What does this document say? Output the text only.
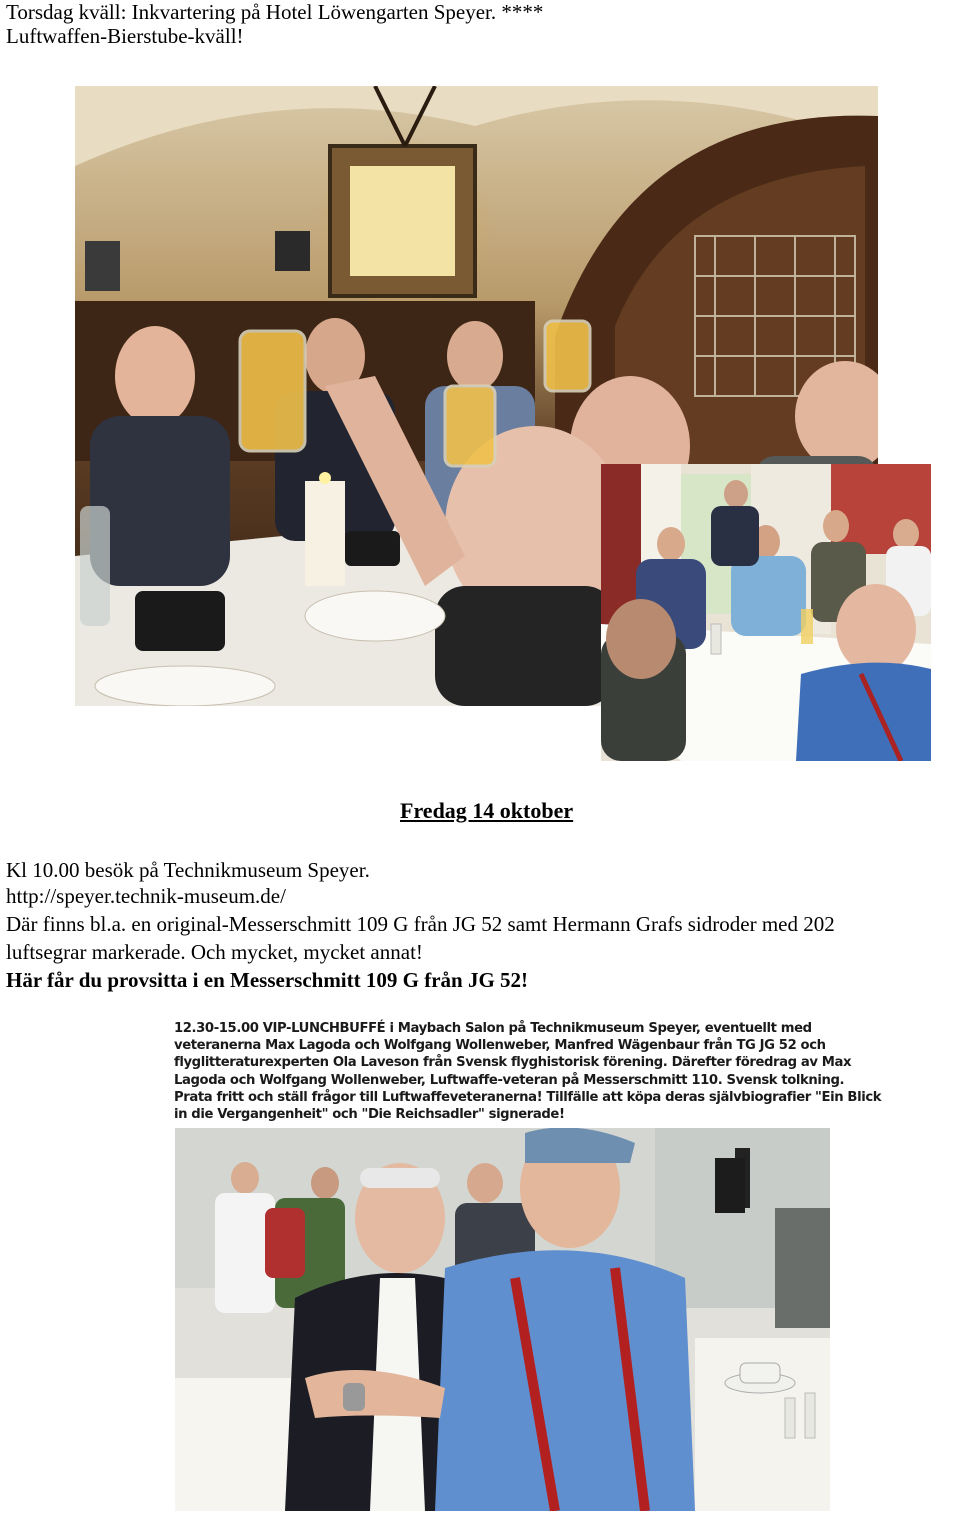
Torsdag kväll: Inkvartering på Hotel Löwengarten Speyer. ****

Luftwaffen-Bierstube-kväll!

Fredag 14 oktober

Kl 10.00 besök på Technikmuseum Speyer.

http://speyer.technik-museum.de/

Där finns bl.a. en original-Messerschmitt 109 G från JG 52 samt Hermann Grafs sidroder med 202

luftsegrar markerade. Och mycket, mycket annat!

Här får du provsitta i en Messerschmitt 109 G från JG 52!

12.30-15.00 VIP-LUNCHBUFFÉ i Maybach Salon på Technikmuseum Speyer, eventuellt med

veteranerna Max Lagoda och Wolfgang Wollenweber, Manfred Wägenbaur från TG JG 52 och

flyglitteraturexperten Ola Laveson från Svensk flyghistorisk förening. Därefter föredrag av Max

Lagoda och Wolfgang Wollenweber, Luftwaffe-veteran på Messerschmitt 110. Svensk tolkning.

Prata fritt och ställ frågor till Luftwaffeveteranerna! Tillfälle att köpa deras självbiografier "Ein Blick

in die Vergangenheit" och "Die Reichsadler" signerade!
